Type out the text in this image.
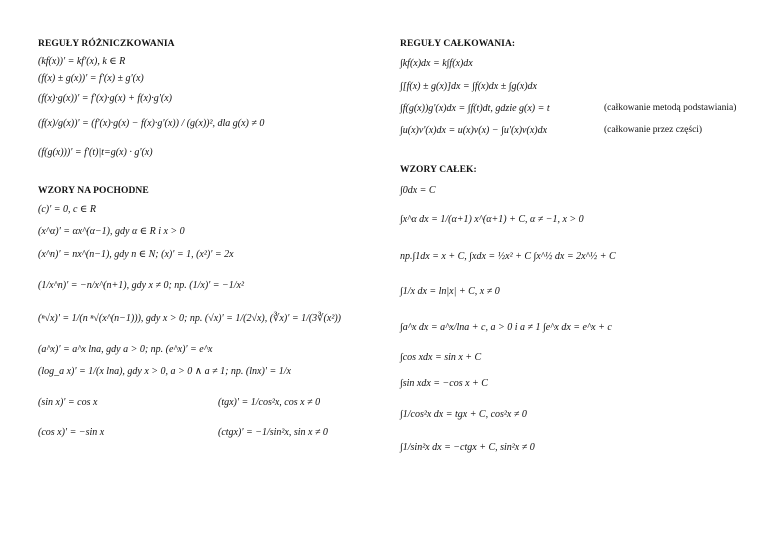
REGUŁY RÓŻNICZKOWANIA
(kf(x))' = kf'(x), k ∈ R
(f(x) ± g(x))' = f'(x) ± g'(x)
(f(x)·g(x))' = f'(x)·g(x) + f(x)·g'(x)
(f(x)/g(x))' = (f'(x)·g(x) − f(x)·g'(x)) / (g(x))², dla g(x) ≠ 0
(f(g(x)))' = f'(t)|t=g(x) · g'(x)
WZORY NA POCHODNE
(c)' = 0, c ∈ R
(x^α)' = αx^(α−1), gdy α ∈ R i x > 0
(x^n)' = nx^(n−1), gdy n ∈ N; (x)' = 1, (x²)' = 2x
(1/x^n)' = −n/x^(n+1), gdy x ≠ 0; np. (1/x)' = −1/x²
(ⁿ√x)' = 1/(n ⁿ√(x^(n−1))), gdy x > 0; np. (√x)' = 1/(2√x), (∛x)' = 1/(3∛(x²))
(a^x)' = a^x lna, gdy a > 0; np. (e^x)' = e^x
(log_a x)' = 1/(x lna), gdy x > 0, a > 0 ∧ a ≠ 1; np. (lnx)' = 1/x
(sin x)' = cos x	(tgx)' = 1/cos²x, cos x ≠ 0
(cos x)' = −sin x	(ctgx)' = −1/sin²x, sin x ≠ 0
REGUŁY CAŁKOWANIA:
∫kf(x)dx = k∫f(x)dx
∫[f(x) ± g(x)]dx = ∫f(x)dx ± ∫g(x)dx
∫f(g(x))g'(x)dx = ∫f(t)dt, gdzie g(x) = t	(całkowanie metodą podstawiania)
∫u(x)v'(x)dx = u(x)v(x) − ∫u'(x)v(x)dx	(całkowanie przez części)
WZORY CAŁEK:
∫0dx = C
∫x^α dx = 1/(α+1) x^(α+1) + C, α ≠ −1, x > 0
np.∫1dx = x + C, ∫xdx = ½x² + C ∫x^½ dx = 2x^½ + C
∫1/x dx = ln|x| + C, x ≠ 0
∫a^x dx = a^x/lna + c, a > 0 i a ≠ 1 ∫e^x dx = e^x + c
∫cos xdx = sin x + C
∫sin xdx = −cos x + C
∫1/cos²x dx = tgx + C, cos²x ≠ 0
∫1/sin²x dx = −ctgx + C, sin²x ≠ 0
